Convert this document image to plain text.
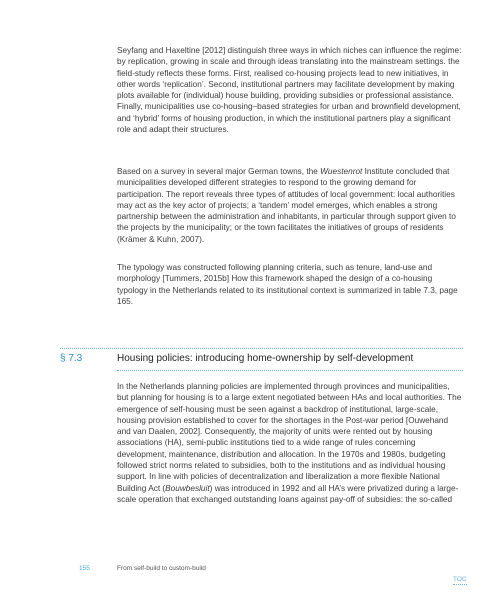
Seyfang and Haxeltine [2012] distinguish three ways in which niches can influence the regime: by replication, growing in scale and through ideas translating into the mainstream settings. the field-study reflects these forms. First, realised co-housing projects lead to new initiatives, in other words ‘replication’. Second, institutional partners may facilitate development by making plots available for (individual) house building, providing subsidies or professional assistance. Finally, municipalities use co-housing–based strategies for urban and brownfield development, and ‘hybrid’ forms of housing production, in which the institutional partners play a significant role and adapt their structures.

Based on a survey in several major German towns, the Wuestenrot Institute concluded that municipalities developed different strategies to respond to the growing demand for participation. The report reveals three types of attitudes of local government: local authorities may act as the key actor of projects; a ‘tandem’ model emerges, which enables a strong partnership between the administration and inhabitants, in particular through support given to the projects by the municipality; or the town facilitates the initiatives of groups of residents (Krämer & Kuhn, 2007).

The typology was constructed following planning criteria, such as tenure, land-use and morphology [Tummers, 2015b] How this framework shaped the design of a co-housing typology in the Netherlands related to its institutional context is summarized in table 7.3, page 165.

§ 7.3	Housing policies: introducing home-ownership by self-development

In the Netherlands planning policies are implemented through provinces and municipalities, but planning for housing is to a large extent negotiated between HAs and local authorities. The emergence of self-housing must be seen against a backdrop of institutional, large-scale, housing provision established to cover for the shortages in the Post-war period [Ouwehand and van Daalen, 2002]. Consequently, the majority of units were rented out by housing associations (HA), semi-public institutions tied to a wide range of rules concerning development, maintenance, distribution and allocation. In the 1970s and 1980s, budgeting followed strict norms related to subsidies, both to the institutions and as individual housing support. In line with policies of decentralization and liberalization a more flexible National Building Act (Bouwbesluit) was introduced in 1992 and all HA’s were privatized during a large-scale operation that exchanged outstanding loans against pay-off of subsidies: the so-called

155	From self-build to custom-build
TOC
